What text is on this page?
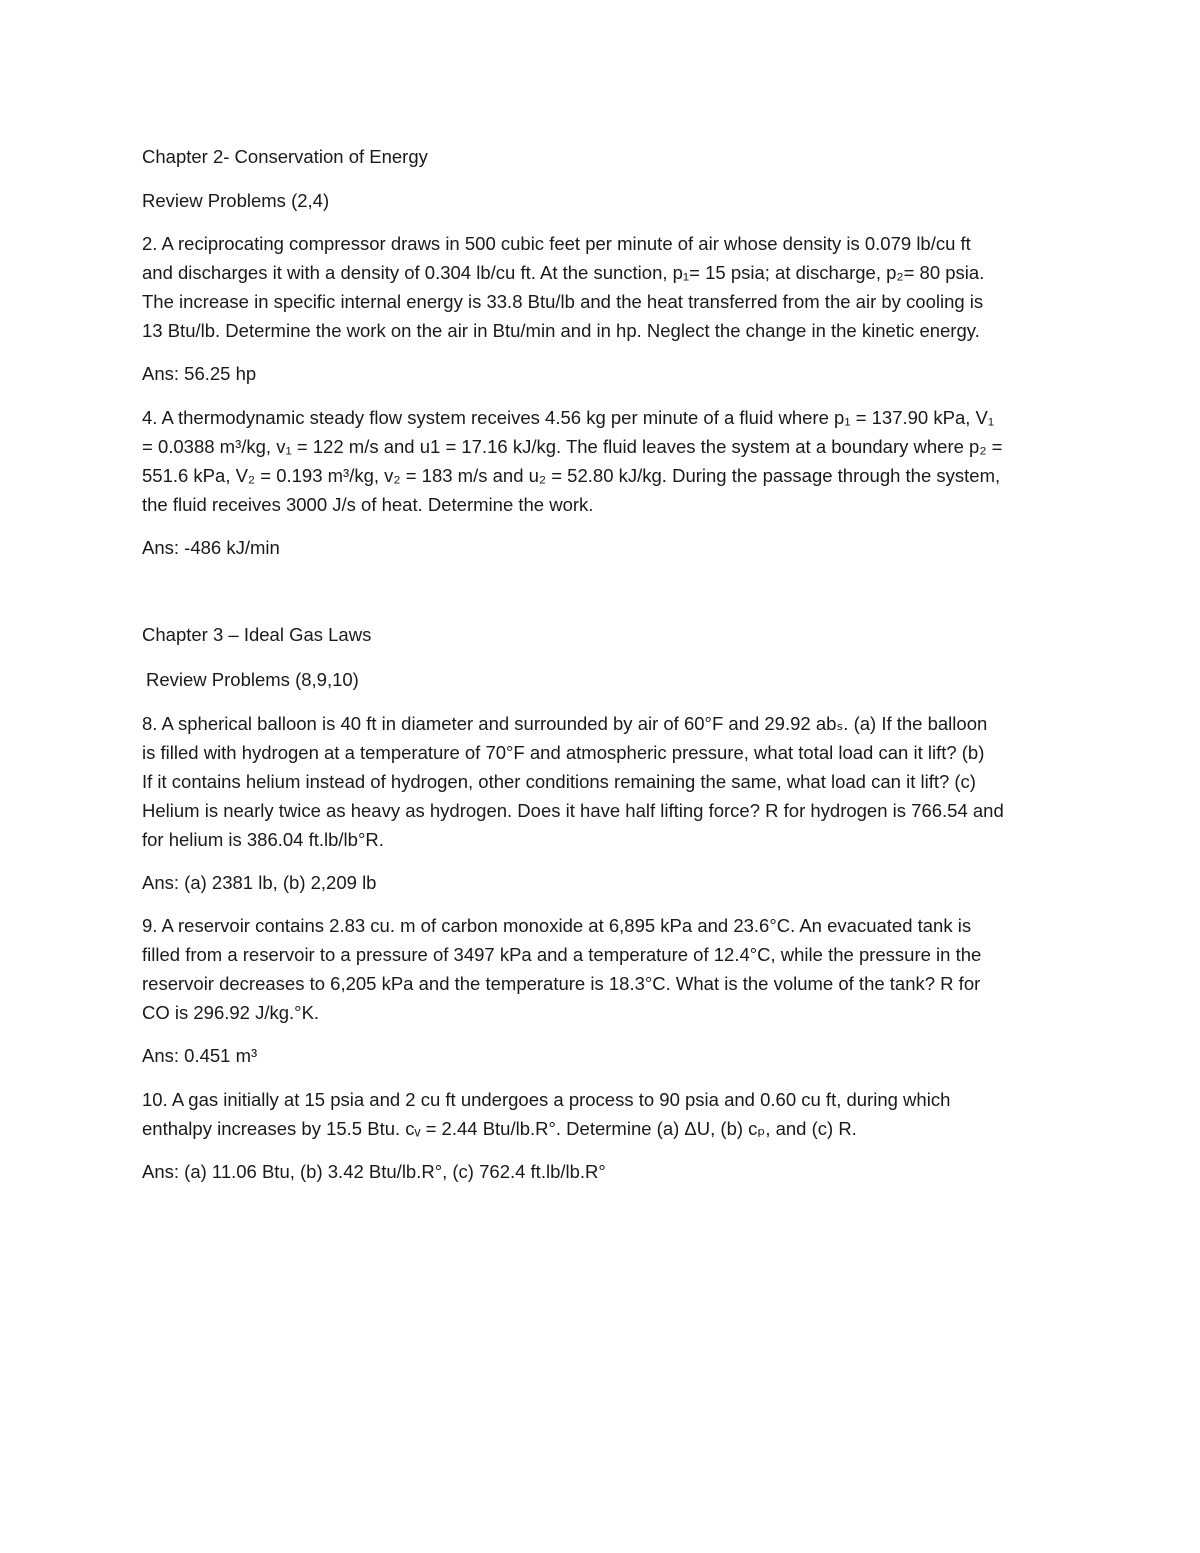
Chapter 2- Conservation of Energy
Review Problems (2,4)
2. A reciprocating compressor draws in 500 cubic feet per minute of air whose density is 0.079 lb/cu ft
and discharges it with a density of 0.304 lb/cu ft. At the sunction, p₁= 15 psia; at discharge, p₂= 80 psia.
The increase in specific internal energy is 33.8 Btu/lb and the heat transferred from the air by cooling is
13 Btu/lb. Determine the work on the air in Btu/min and in hp. Neglect the change in the kinetic energy.
Ans: 56.25 hp
4. A thermodynamic steady flow system receives 4.56 kg per minute of a fluid where p₁ = 137.90 kPa, V₁
= 0.0388 m³/kg, v₁ = 122 m/s and u1 = 17.16 kJ/kg. The fluid leaves the system at a boundary where p₂ =
551.6 kPa, V₂ = 0.193 m³/kg, v₂ = 183 m/s and u₂ = 52.80 kJ/kg. During the passage through the system,
the fluid receives 3000 J/s of heat. Determine the work.
Ans: -486 kJ/min
Chapter 3 – Ideal Gas Laws
Review Problems (8,9,10)
8. A spherical balloon is 40 ft in diameter and surrounded by air of 60°F and 29.92 abₛ. (a) If the balloon
is filled with hydrogen at a temperature of 70°F and atmospheric pressure, what total load can it lift? (b)
If it contains helium instead of hydrogen, other conditions remaining the same, what load can it lift? (c)
Helium is nearly twice as heavy as hydrogen. Does it have half lifting force? R for hydrogen is 766.54 and
for helium is 386.04 ft.lb/lb°R.
Ans: (a) 2381 lb, (b) 2,209 lb
9. A reservoir contains 2.83 cu. m of carbon monoxide at 6,895 kPa and 23.6°C. An evacuated tank is
filled from a reservoir to a pressure of 3497 kPa and a temperature of 12.4°C, while the pressure in the
reservoir decreases to 6,205 kPa and the temperature is 18.3°C. What is the volume of the tank? R for
CO is 296.92 J/kg.°K.
Ans: 0.451 m³
10. A gas initially at 15 psia and 2 cu ft undergoes a process to 90 psia and 0.60 cu ft, during which
enthalpy increases by 15.5 Btu. cᵥ = 2.44 Btu/lb.R°. Determine (a) ΔU, (b) cₚ, and (c) R.
Ans: (a) 11.06 Btu, (b) 3.42 Btu/lb.R°, (c) 762.4 ft.lb/lb.R°
